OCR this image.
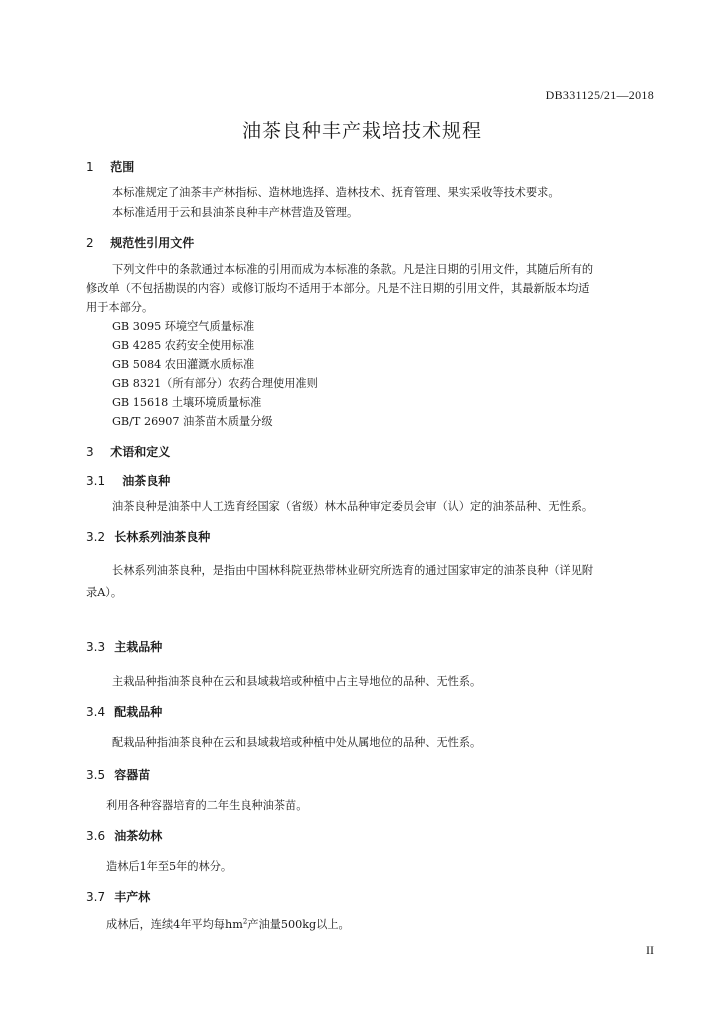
DB331125/21—2018
油茶良种丰产栽培技术规程
1 范围
本标准规定了油茶丰产林指标、造林地选择、造林技术、抚育管理、果实采收等技术要求。
本标准适用于云和县油茶良种丰产林营造及管理。
2 规范性引用文件
下列文件中的条款通过本标准的引用而成为本标准的条款。凡是注日期的引用文件，其随后所有的
修改单（不包括勘误的内容）或修订版均不适用于本部分。凡是不注日期的引用文件，其最新版本均适
用于本部分。
GB 3095 环境空气质量标准
GB 4285 农药安全使用标准
GB 5084 农田灌溉水质标准
GB 8321（所有部分）农药合理使用准则
GB 15618 土壤环境质量标准
GB/T 26907 油茶苗木质量分级
3 术语和定义
3.1 油茶良种
油茶良种是油茶中人工选育经国家（省级）林木品种审定委员会审（认）定的油茶品种、无性系。
3.2 长林系列油茶良种
长林系列油茶良种，是指由中国林科院亚热带林业研究所选育的通过国家审定的油茶良种（详见附
录A）。
3.3 主栽品种
主栽品种指油茶良种在云和县域栽培或种植中占主导地位的品种、无性系。
3.4 配栽品种
配栽品种指油茶良种在云和县域栽培或种植中处从属地位的品种、无性系。
3.5 容器苗
利用各种容器培育的二年生良种油茶苗。
3.6 油茶幼林
造林后1年至5年的林分。
3.7 丰产林
成林后，连续4年平均每$hm^2$产油量500kg以上。
II
